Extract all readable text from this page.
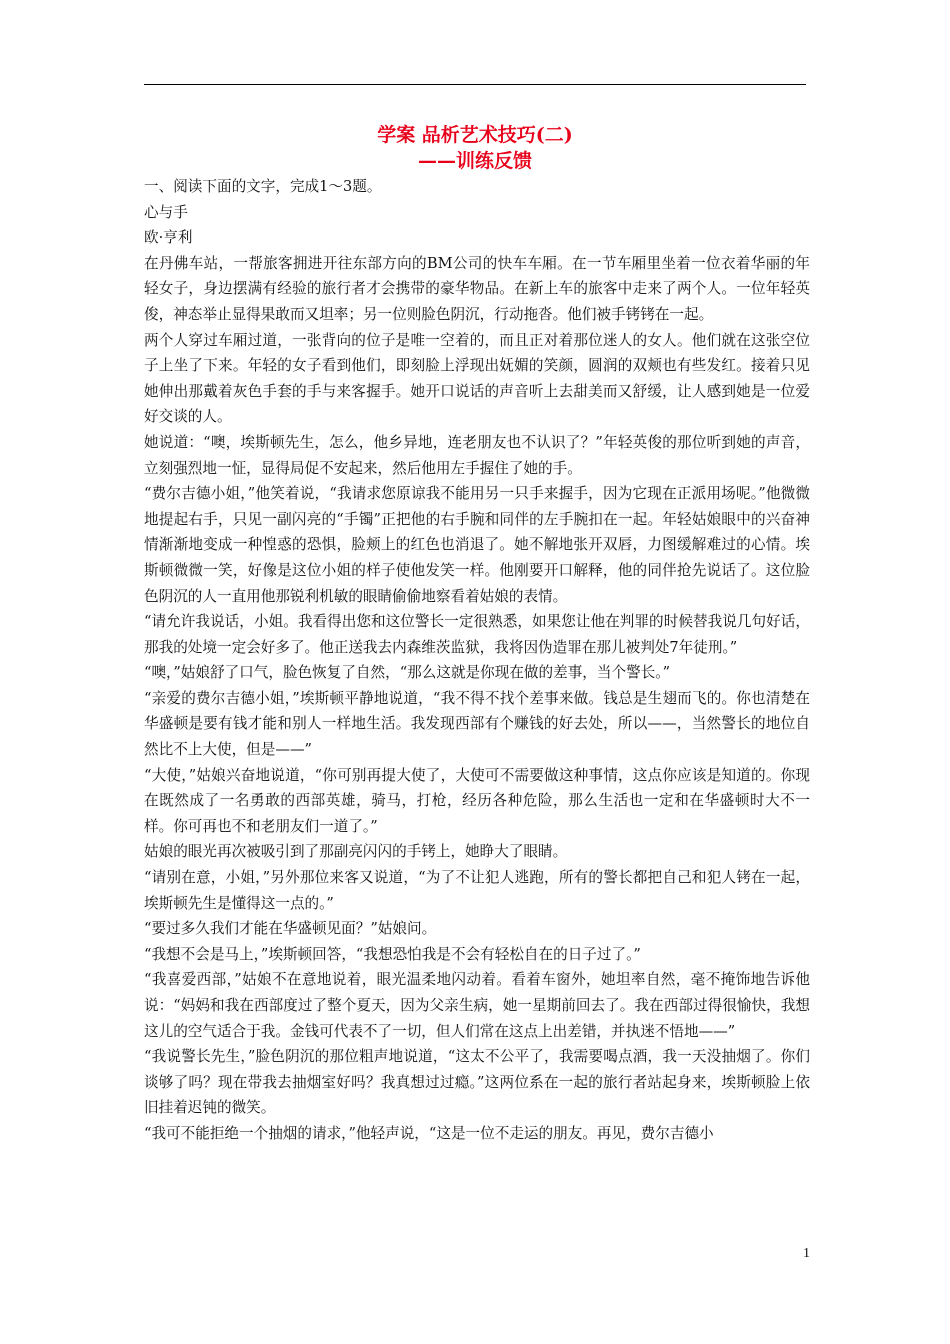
学案 品析艺术技巧(二)
——训练反馈

一、阅读下面的文字，完成1～3题。

心与手

欧·亨利

在丹佛车站，一帮旅客拥进开往东部方向的BM公司的快车车厢。在一节车厢里坐着一位衣着华丽的年轻女子，身边摆满有经验的旅行者才会携带的豪华物品。在新上车的旅客中走来了两个人。一位年轻英俊，神态举止显得果敢而又坦率；另一位则脸色阴沉，行动拖沓。他们被手铐铐在一起。

两个人穿过车厢过道，一张背向的位子是唯一空着的，而且正对着那位迷人的女人。他们就在这张空位子上坐了下来。年轻的女子看到他们，即刻脸上浮现出妩媚的笑颜，圆润的双颊也有些发红。接着只见她伸出那戴着灰色手套的手与来客握手。她开口说话的声音听上去甜美而又舒缓，让人感到她是一位爱好交谈的人。

她说道：“噢，埃斯顿先生，怎么，他乡异地，连老朋友也不认识了？”年轻英俊的那位听到她的声音，立刻强烈地一怔，显得局促不安起来，然后他用左手握住了她的手。

“费尔吉德小姐，”他笑着说，“我请求您原谅我不能用另一只手来握手，因为它现在正派用场呢。”他微微地提起右手，只见一副闪亮的“手镯”正把他的右手腕和同伴的左手腕扣在一起。年轻姑娘眼中的兴奋神情渐渐地变成一种惶惑的恐惧，脸颊上的红色也消退了。她不解地张开双唇，力图缓解难过的心情。埃斯顿微微一笑，好像是这位小姐的样子使他发笑一样。他刚要开口解释，他的同伴抢先说话了。这位脸色阴沉的人一直用他那锐利机敏的眼睛偷偷地察看着姑娘的表情。

“请允许我说话，小姐。我看得出您和这位警长一定很熟悉，如果您让他在判罪的时候替我说几句好话，那我的处境一定会好多了。他正送我去内森维茨监狱，我将因伪造罪在那儿被判处7年徒刑。”

“噢，”姑娘舒了口气，脸色恢复了自然，“那么这就是你现在做的差事，当个警长。”

“亲爱的费尔吉德小姐，”埃斯顿平静地说道，“我不得不找个差事来做。钱总是生翅而飞的。你也清楚在华盛顿是要有钱才能和别人一样地生活。我发现西部有个赚钱的好去处，所以——，当然警长的地位自然比不上大使，但是——”

“大使，”姑娘兴奋地说道，“你可别再提大使了，大使可不需要做这种事情，这点你应该是知道的。你现在既然成了一名勇敢的西部英雄，骑马，打枪，经历各种危险，那么生活也一定和在华盛顿时大不一样。你可再也不和老朋友们一道了。”

姑娘的眼光再次被吸引到了那副亮闪闪的手铐上，她睁大了眼睛。

“请别在意，小姐，”另外那位来客又说道，“为了不让犯人逃跑，所有的警长都把自己和犯人铐在一起，埃斯顿先生是懂得这一点的。”

“要过多久我们才能在华盛顿见面？”姑娘问。

“我想不会是马上，”埃斯顿回答，“我想恐怕我是不会有轻松自在的日子过了。”

“我喜爱西部，”姑娘不在意地说着，眼光温柔地闪动着。看着车窗外，她坦率自然，毫不掩饰地告诉他说：“妈妈和我在西部度过了整个夏天，因为父亲生病，她一星期前回去了。我在西部过得很愉快，我想这儿的空气适合于我。金钱可代表不了一切，但人们常在这点上出差错，并执迷不悟地——”

“我说警长先生，”脸色阴沉的那位粗声地说道，“这太不公平了，我需要喝点酒，我一天没抽烟了。你们谈够了吗？现在带我去抽烟室好吗？我真想过过瘾。”这两位系在一起的旅行者站起身来，埃斯顿脸上依旧挂着迟钝的微笑。

“我可不能拒绝一个抽烟的请求，”他轻声说，“这是一位不走运的朋友。再见，费尔吉德小

1
